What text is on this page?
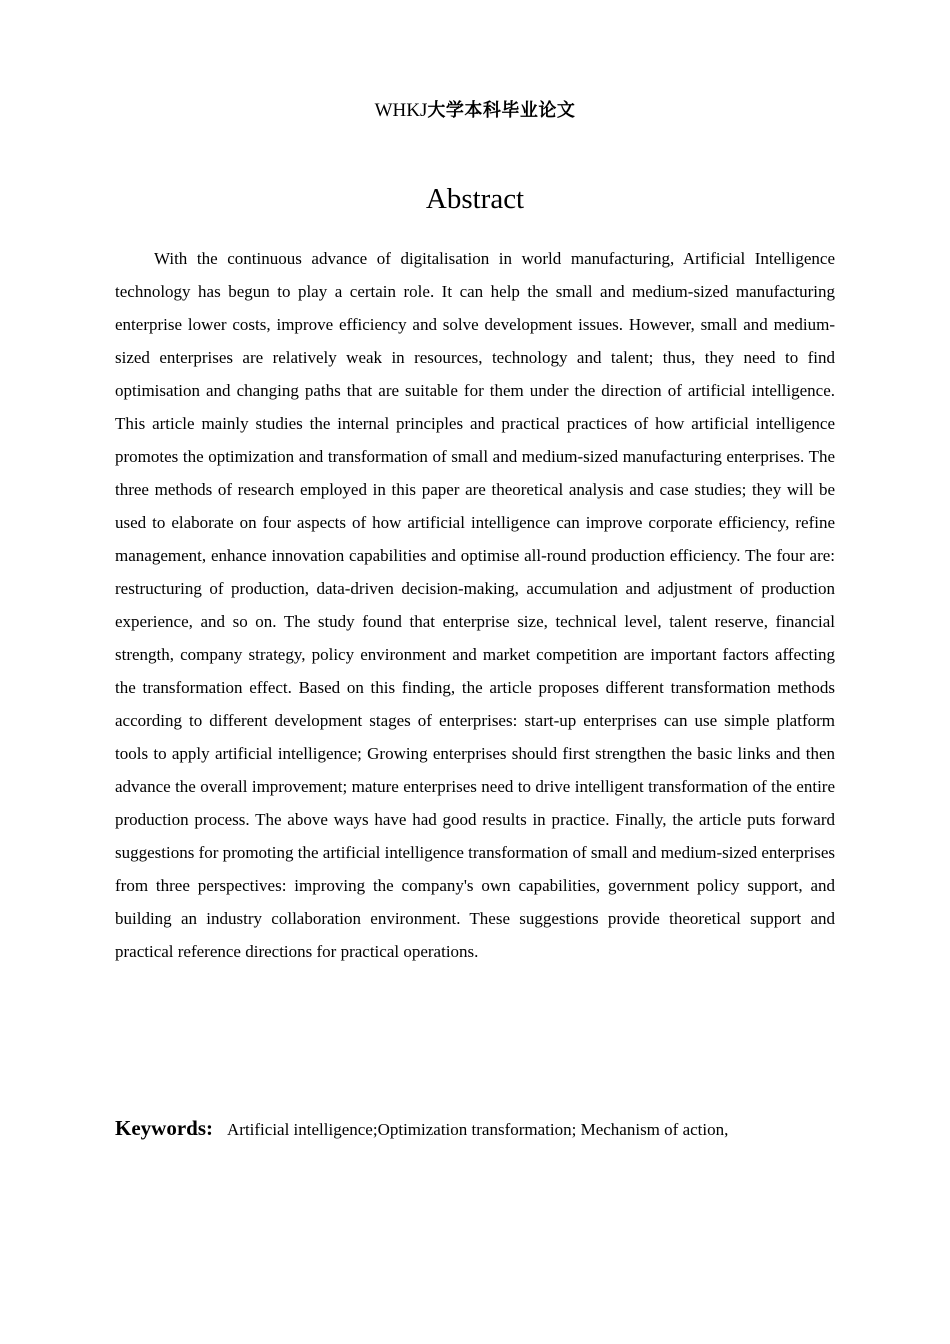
WHKJ大学本科毕业论文
Abstract

With the continuous advance of digitalisation in world manufacturing, Artificial Intelligence technology has begun to play a certain role. It can help the small and medium-sized manufacturing enterprise lower costs, improve efficiency and solve development issues. However, small and medium-sized enterprises are relatively weak in resources, technology and talent; thus, they need to find optimisation and changing paths that are suitable for them under the direction of artificial intelligence. This article mainly studies the internal principles and practical practices of how artificial intelligence promotes the optimization and transformation of small and medium-sized manufacturing enterprises. The three methods of research employed in this paper are theoretical analysis and case studies; they will be used to elaborate on four aspects of how artificial intelligence can improve corporate efficiency, refine management, enhance innovation capabilities and optimise all-round production efficiency. The four are: restructuring of production, data-driven decision-making, accumulation and adjustment of production experience, and so on. The study found that enterprise size, technical level, talent reserve, financial strength, company strategy, policy environment and market competition are important factors affecting the transformation effect. Based on this finding, the article proposes different transformation methods according to different development stages of enterprises: start-up enterprises can use simple platform tools to apply artificial intelligence; Growing enterprises should first strengthen the basic links and then advance the overall improvement; mature enterprises need to drive intelligent transformation of the entire production process. The above ways have had good results in practice. Finally, the article puts forward suggestions for promoting the artificial intelligence transformation of small and medium-sized enterprises from three perspectives: improving the company's own capabilities, government policy support, and building an industry collaboration environment. These suggestions provide theoretical support and practical reference directions for practical operations.

Keywords: Artificial intelligence;Optimization transformation; Mechanism of action,
